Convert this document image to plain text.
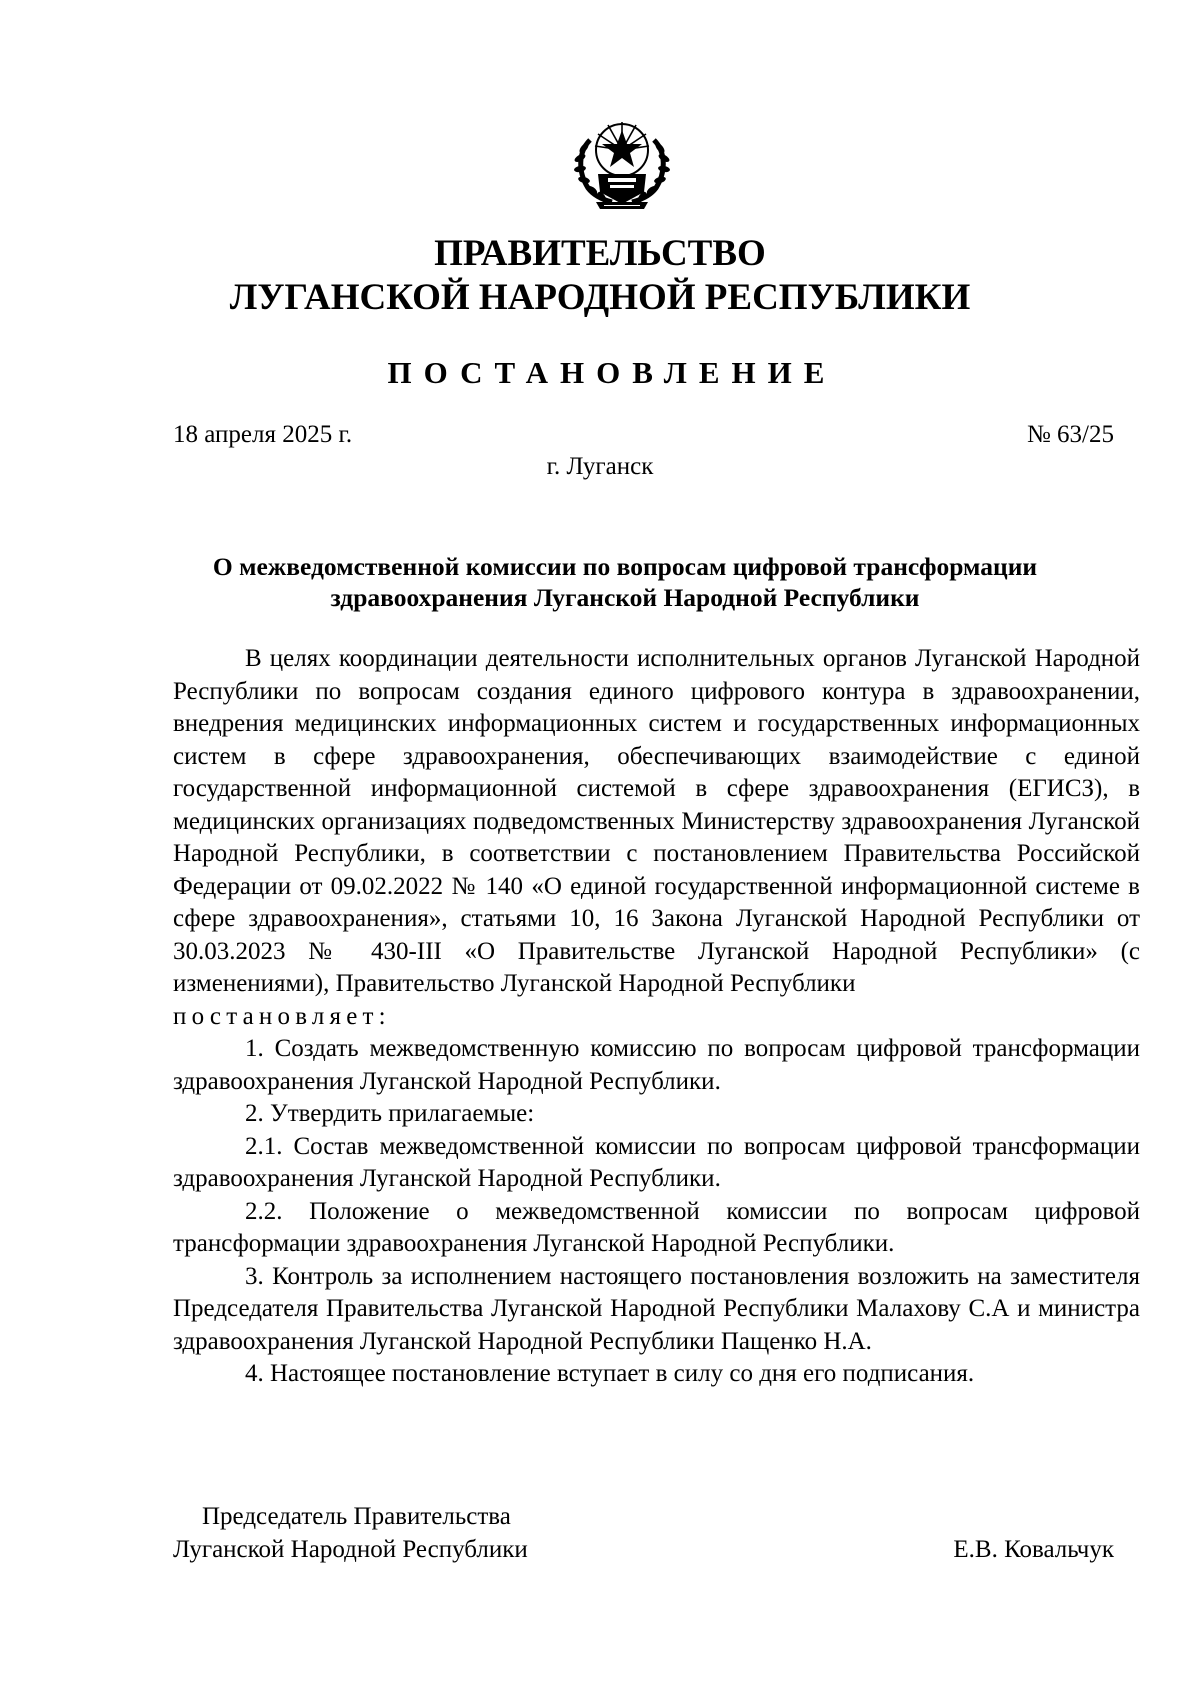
ПРАВИТЕЛЬСТВО
ЛУГАНСКОЙ НАРОДНОЙ РЕСПУБЛИКИ
ПОСТАНОВЛЕНИЕ
18 апреля 2025 г.	№ 63/25
г. Луганск
О межведомственной комиссии по вопросам цифровой трансформации здравоохранения Луганской Народной Республики

В целях координации деятельности исполнительных органов Луганской Народной Республики по вопросам создания единого цифрового контура в здравоохранении, внедрения медицинских информационных систем и государственных информационных систем в сфере здравоохранения, обеспечивающих взаимодействие с единой государственной информационной системой в сфере здравоохранения (ЕГИСЗ), в медицинских организациях подведомственных Министерству здравоохранения Луганской Народной Республики, в соответствии с постановлением Правительства Российской Федерации от 09.02.2022 № 140 «О единой государственной информационной системе в сфере здравоохранения», статьями 10, 16 Закона Луганской Народной Республики от 30.03.2023 № 430-III «О Правительстве Луганской Народной Республики» (с изменениями), Правительство Луганской Народной Республики

постановляет:

1. Создать межведомственную комиссию по вопросам цифровой трансформации здравоохранения Луганской Народной Республики.

2. Утвердить прилагаемые:

2.1. Состав межведомственной комиссии по вопросам цифровой трансформации здравоохранения Луганской Народной Республики.

2.2. Положение о межведомственной комиссии по вопросам цифровой трансформации здравоохранения Луганской Народной Республики.

3. Контроль за исполнением настоящего постановления возложить на заместителя Председателя Правительства Луганской Народной Республики Малахову С.А и министра здравоохранения Луганской Народной Республики Пащенко Н.А.

4. Настоящее постановление вступает в силу со дня его подписания.

Председатель Правительства
Луганской Народной Республики	Е.В. Ковальчук
